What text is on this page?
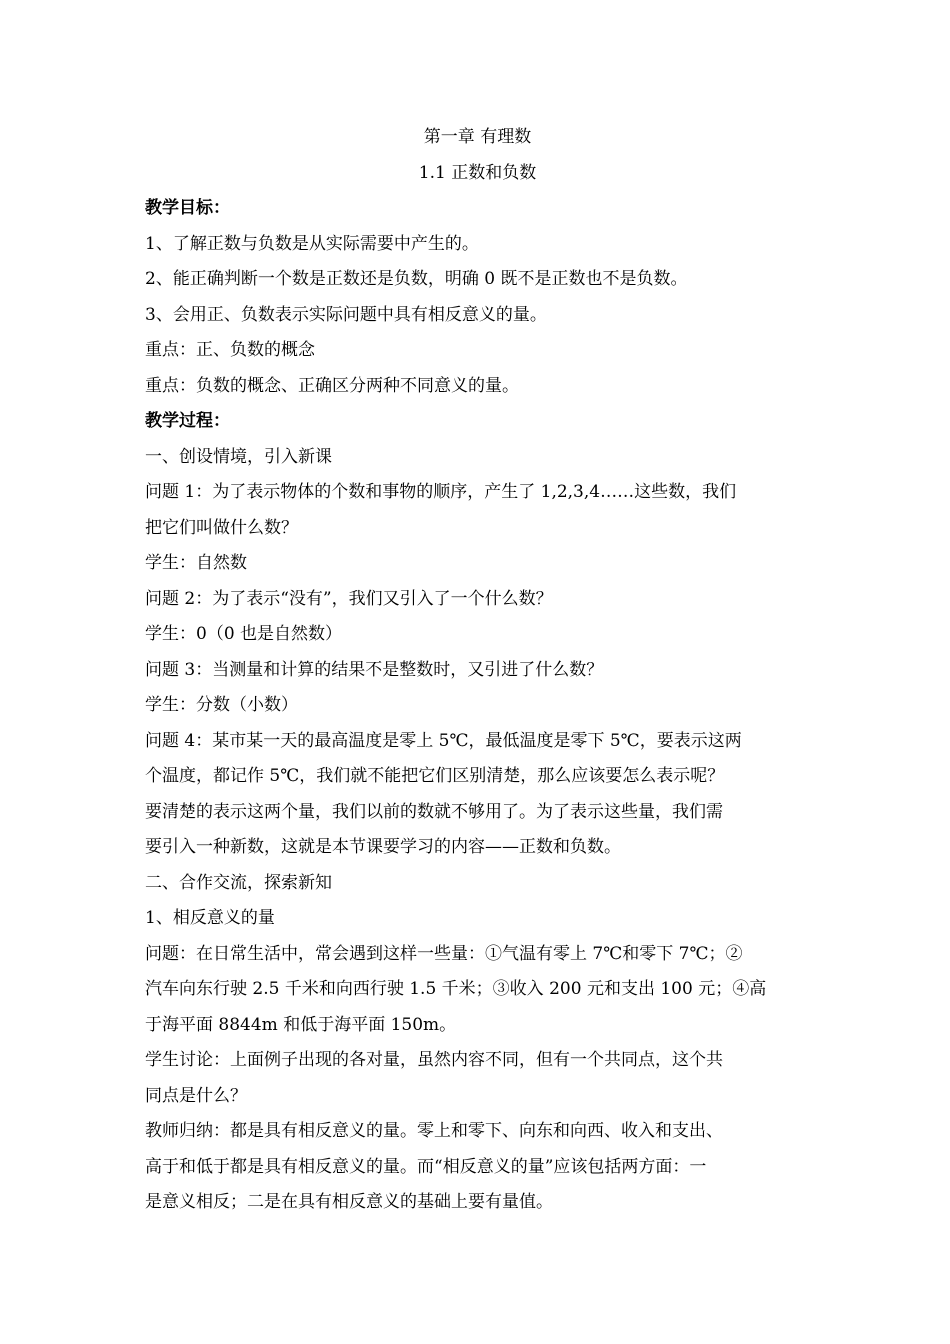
第一章 有理数
1.1 正数和负数
教学目标：
1、了解正数与负数是从实际需要中产生的。
2、能正确判断一个数是正数还是负数，明确 0 既不是正数也不是负数。
3、会用正、负数表示实际问题中具有相反意义的量。
重点：正、负数的概念
重点：负数的概念、正确区分两种不同意义的量。
教学过程：
一、创设情境，引入新课
问题 1：为了表示物体的个数和事物的顺序，产生了 1,2,3,4……这些数，我们
把它们叫做什么数？
学生：自然数
问题 2：为了表示“没有”，我们又引入了一个什么数？
学生：0（0 也是自然数）
问题 3：当测量和计算的结果不是整数时，又引进了什么数？
学生：分数（小数）
问题 4：某市某一天的最高温度是零上 5℃，最低温度是零下 5℃，要表示这两
个温度，都记作 5℃，我们就不能把它们区别清楚，那么应该要怎么表示呢？
要清楚的表示这两个量，我们以前的数就不够用了。为了表示这些量，我们需
要引入一种新数，这就是本节课要学习的内容——正数和负数。
二、合作交流，探索新知
1、相反意义的量
问题：在日常生活中，常会遇到这样一些量：①气温有零上 7℃和零下 7℃；②
汽车向东行驶 2.5 千米和向西行驶 1.5 千米；③收入 200 元和支出 100 元；④高
于海平面 8844m 和低于海平面 150m。
学生讨论：上面例子出现的各对量，虽然内容不同，但有一个共同点，这个共
同点是什么？
教师归纳：都是具有相反意义的量。零上和零下、向东和向西、收入和支出、
高于和低于都是具有相反意义的量。而“相反意义的量”应该包括两方面：一
是意义相反；二是在具有相反意义的基础上要有量值。
